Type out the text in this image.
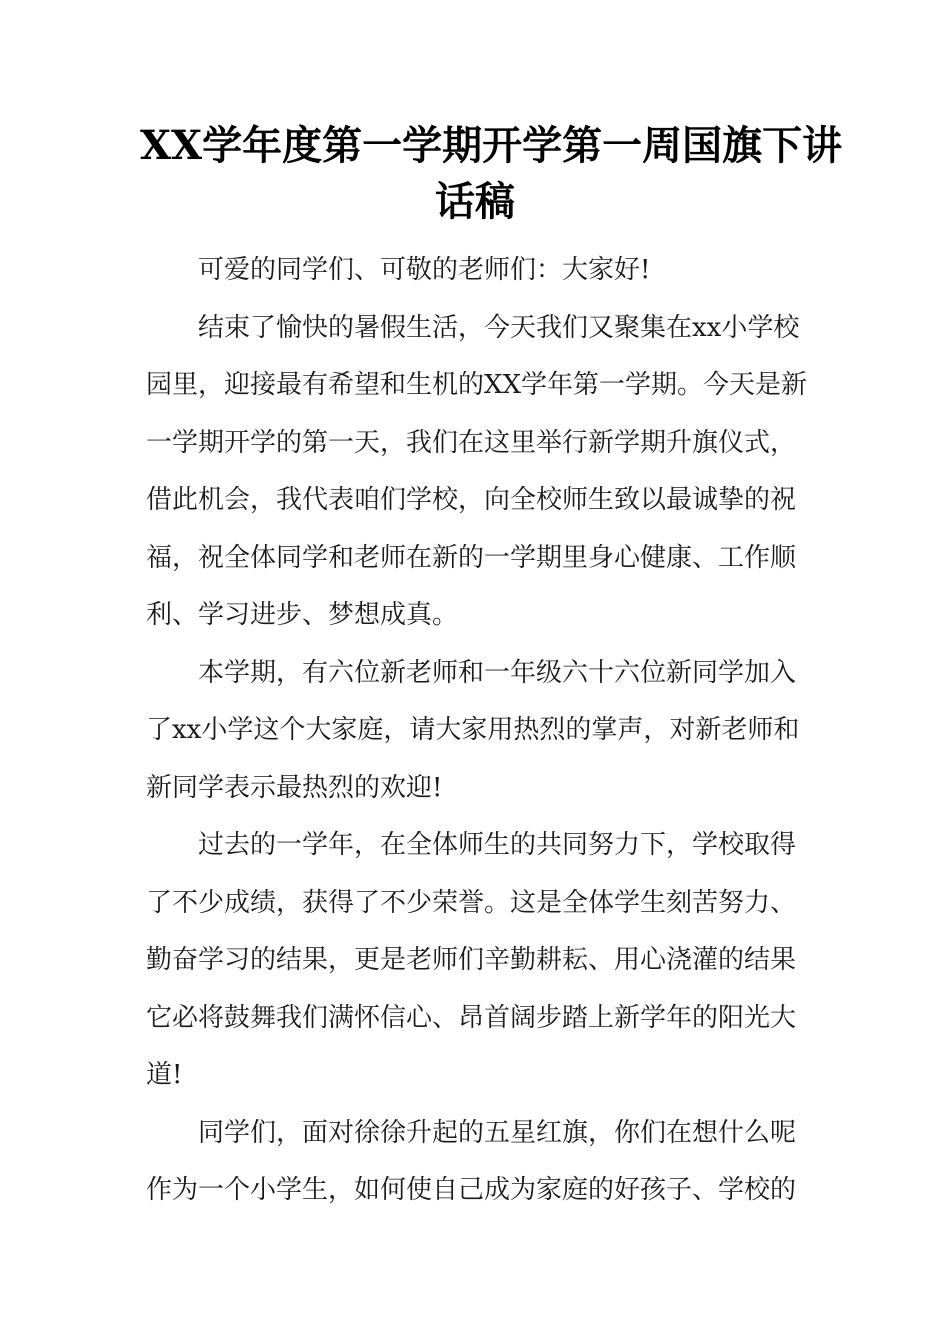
XX学年度第一学期开学第一周国旗下讲
话稿
可爱的同学们、可敬的老师们：大家好!
结束了愉快的暑假生活，今天我们又聚集在xx小学校
园里，迎接最有希望和生机的XX学年第一学期。今天是新
一学期开学的第一天，我们在这里举行新学期升旗仪式，
借此机会，我代表咱们学校，向全校师生致以最诚挚的祝
福，祝全体同学和老师在新的一学期里身心健康、工作顺
利、学习进步、梦想成真。
本学期，有六位新老师和一年级六十六位新同学加入
了xx小学这个大家庭，请大家用热烈的掌声，对新老师和
新同学表示最热烈的欢迎!
过去的一学年，在全体师生的共同努力下，学校取得
了不少成绩，获得了不少荣誉。这是全体学生刻苦努力、
勤奋学习的结果，更是老师们辛勤耕耘、用心浇灌的结果
它必将鼓舞我们满怀信心、昂首阔步踏上新学年的阳光大
道!
同学们，面对徐徐升起的五星红旗，你们在想什么呢
作为一个小学生，如何使自己成为家庭的好孩子、学校的
